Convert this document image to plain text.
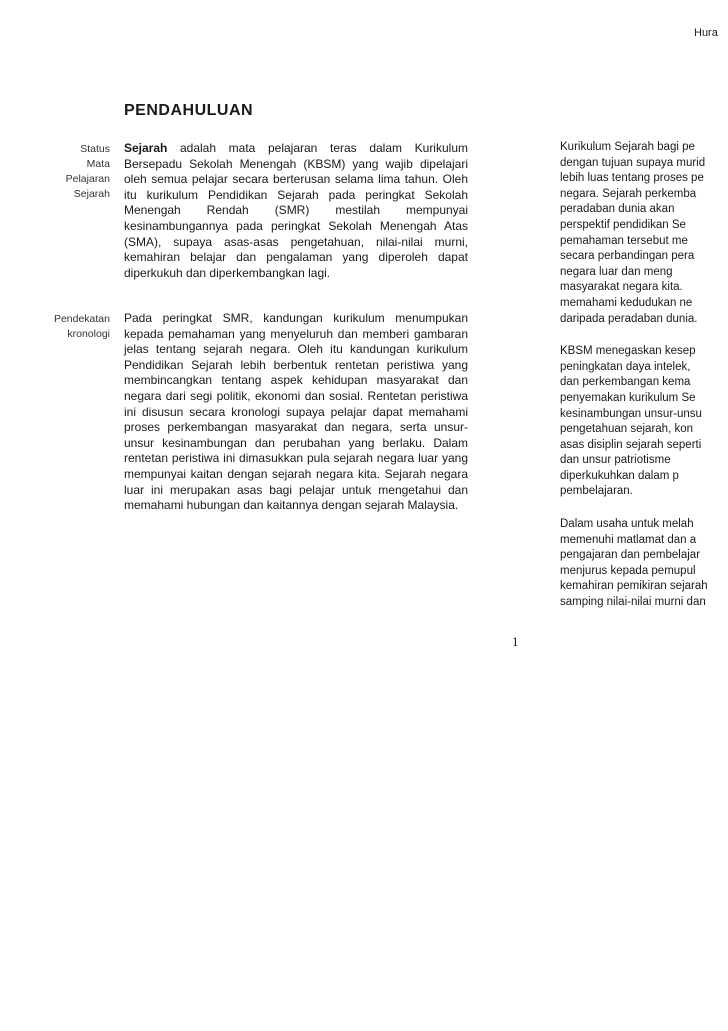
Hura
PENDAHULUAN
Status
Mata
Pelajaran
Sejarah
Pendekatan
kronologi
Sejarah adalah mata pelajaran teras dalam Kurikulum Bersepadu Sekolah Menengah (KBSM) yang wajib dipelajari oleh semua pelajar secara berterusan selama lima tahun. Oleh itu kurikulum Pendidikan Sejarah pada peringkat Sekolah Menengah Rendah (SMR) mestilah mempunyai kesinambungannya pada peringkat Sekolah Menengah Atas (SMA), supaya asas-asas pengetahuan, nilai-nilai murni, kemahiran belajar dan pengalaman yang diperoleh dapat diperkukuh dan diperkembangkan lagi.
Pada peringkat SMR, kandungan kurikulum menumpukan kepada pemahaman yang menyeluruh dan memberi gambaran jelas tentang sejarah negara. Oleh itu kandungan kurikulum Pendidikan Sejarah lebih berbentuk rentetan peristiwa yang membincangkan tentang aspek kehidupan masyarakat dan negara dari segi politik, ekonomi dan sosial. Rentetan peristiwa ini disusun secara kronologi supaya pelajar dapat memahami proses perkembangan masyarakat dan negara, serta unsur-unsur kesinambungan dan perubahan yang berlaku. Dalam rentetan peristiwa ini dimasukkan pula sejarah negara luar yang mempunyai kaitan dengan sejarah negara kita. Sejarah negara luar ini merupakan asas bagi pelajar untuk mengetahui dan memahami hubungan dan kaitannya dengan sejarah Malaysia.

Kurikulum Sejarah bagi pe
dengan tujuan supaya murid
lebih luas tentang proses pe
negara. Sejarah perkemba
peradaban dunia akan
perspektif pendidikan Se
pemahaman tersebut me
secara perbandingan pera
negara luar dan meng
masyarakat negara kita.
memahami kedudukan ne
daripada peradaban dunia.

KBSM menegaskan kesep
peningkatan daya intelek,
dan perkembangan kema
penyemakan kurikulum Se
kesinambungan unsur-unsu
pengetahuan sejarah, kon
asas disiplin sejarah seperti
dan unsur patriotisme
diperkukuhkan dalam p
pembelajaran.

Dalam usaha untuk melah
memenuhi matlamat dan a
pengajaran dan pembelajar
menjurus kepada pemupul
kemahiran pemikiran sejarah
samping nilai-nilai murni dan

1
